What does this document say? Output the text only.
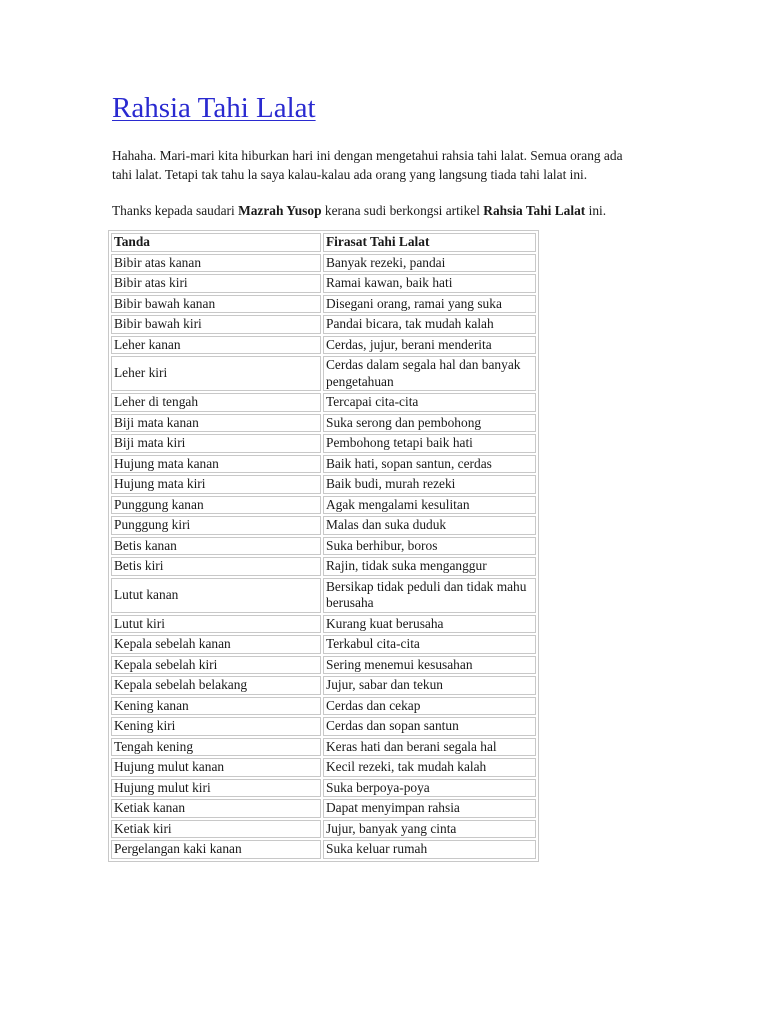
Rahsia Tahi Lalat

Hahaha. Mari-mari kita hiburkan hari ini dengan mengetahui rahsia tahi lalat. Semua orang ada tahi lalat. Tetapi tak tahu la saya kalau-kalau ada orang yang langsung tiada tahi lalat ini.

Thanks kepada saudari Mazrah Yusop kerana sudi berkongsi artikel Rahsia Tahi Lalat ini.

Tanda	Firasat Tahi Lalat
Bibir atas kanan	Banyak rezeki, pandai
Bibir atas kiri	Ramai kawan, baik hati
Bibir bawah kanan	Disegani orang, ramai yang suka
Bibir bawah kiri	Pandai bicara, tak mudah kalah
Leher kanan	Cerdas, jujur, berani menderita
Leher kiri	Cerdas dalam segala hal dan banyak pengetahuan
Leher di tengah	Tercapai cita-cita
Biji mata kanan	Suka serong dan pembohong
Biji mata kiri	Pembohong tetapi baik hati
Hujung mata kanan	Baik hati, sopan santun, cerdas
Hujung mata kiri	Baik budi, murah rezeki
Punggung kanan	Agak mengalami kesulitan
Punggung kiri	Malas dan suka duduk
Betis kanan	Suka berhibur, boros
Betis kiri	Rajin, tidak suka menganggur
Lutut kanan	Bersikap tidak peduli dan tidak mahu berusaha
Lutut kiri	Kurang kuat berusaha
Kepala sebelah kanan	Terkabul cita-cita
Kepala sebelah kiri	Sering menemui kesusahan
Kepala sebelah belakang	Jujur, sabar dan tekun
Kening kanan	Cerdas dan cekap
Kening kiri	Cerdas dan sopan santun
Tengah kening	Keras hati dan berani segala hal
Hujung mulut kanan	Kecil rezeki, tak mudah kalah
Hujung mulut kiri	Suka berpoya-poya
Ketiak kanan	Dapat menyimpan rahsia
Ketiak kiri	Jujur, banyak yang cinta
Pergelangan kaki kanan	Suka keluar rumah
